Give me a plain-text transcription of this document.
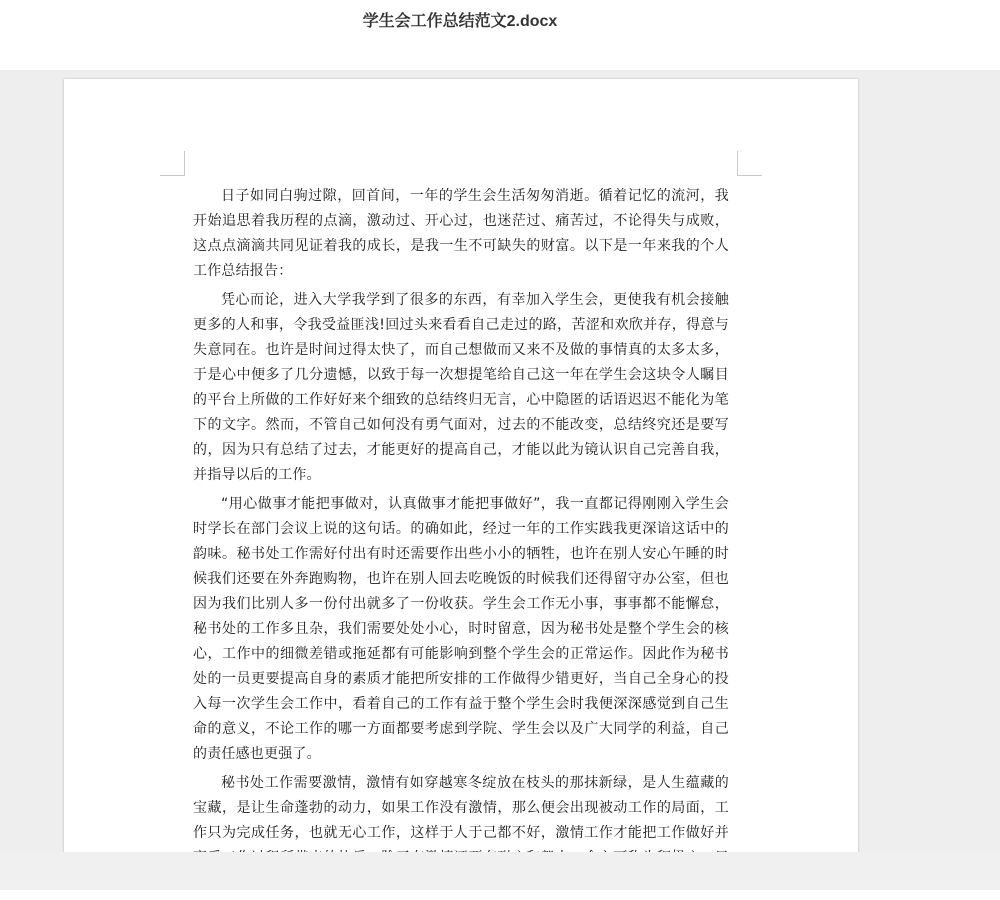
学生会工作总结范文2.docx

日子如同白驹过隙，回首间，一年的学生会生活匆匆消逝。循着记忆的流河，我开始追思着我历程的点滴，激动过、开心过，也迷茫过、痛苦过，不论得失与成败，这点点滴滴共同见证着我的成长，是我一生不可缺失的财富。以下是一年来我的个人工作总结报告：

凭心而论，进入大学我学到了很多的东西，有幸加入学生会，更使我有机会接触更多的人和事，令我受益匪浅!回过头来看看自己走过的路，苦涩和欢欣并存，得意与失意同在。也许是时间过得太快了，而自己想做而又来不及做的事情真的太多太多，于是心中便多了几分遗憾，以致于每一次想提笔给自己这一年在学生会这块令人瞩目的平台上所做的工作好好来个细致的总结终归无言，心中隐匿的话语迟迟不能化为笔下的文字。然而，不管自己如何没有勇气面对，过去的不能改变，总结终究还是要写的，因为只有总结了过去，才能更好的提高自己，才能以此为镜认识自己完善自我，并指导以后的工作。

“用心做事才能把事做对，认真做事才能把事做好”，我一直都记得刚刚入学生会时学长在部门会议上说的这句话。的确如此，经过一年的工作实践我更深谙这话中的韵味。秘书处工作需好付出有时还需要作出些小小的牺牲，也许在别人安心午睡的时候我们还要在外奔跑购物，也许在别人回去吃晚饭的时候我们还得留守办公室，但也因为我们比别人多一份付出就多了一份收获。学生会工作无小事，事事都不能懈怠，秘书处的工作多且杂，我们需要处处小心，时时留意，因为秘书处是整个学生会的核心，工作中的细微差错或拖延都有可能影响到整个学生会的正常运作。因此作为秘书处的一员更要提高自身的素质才能把所安排的工作做得少错更好，当自己全身心的投入每一次学生会工作中，看着自己的工作有益于整个学生会时我便深深感觉到自己生命的意义，不论工作的哪一方面都要考虑到学院、学生会以及广大同学的利益，自己的责任感也更强了。

秘书处工作需要激情，激情有如穿越寒冬绽放在枝头的那抹新绿，是人生蕴藏的宝藏，是让生命蓬勃的动力，如果工作没有激情，那么便会出现被动工作的局面，工作只为完成任务，也就无心工作，这样于人于己都不好，激情工作才能把工作做好并
